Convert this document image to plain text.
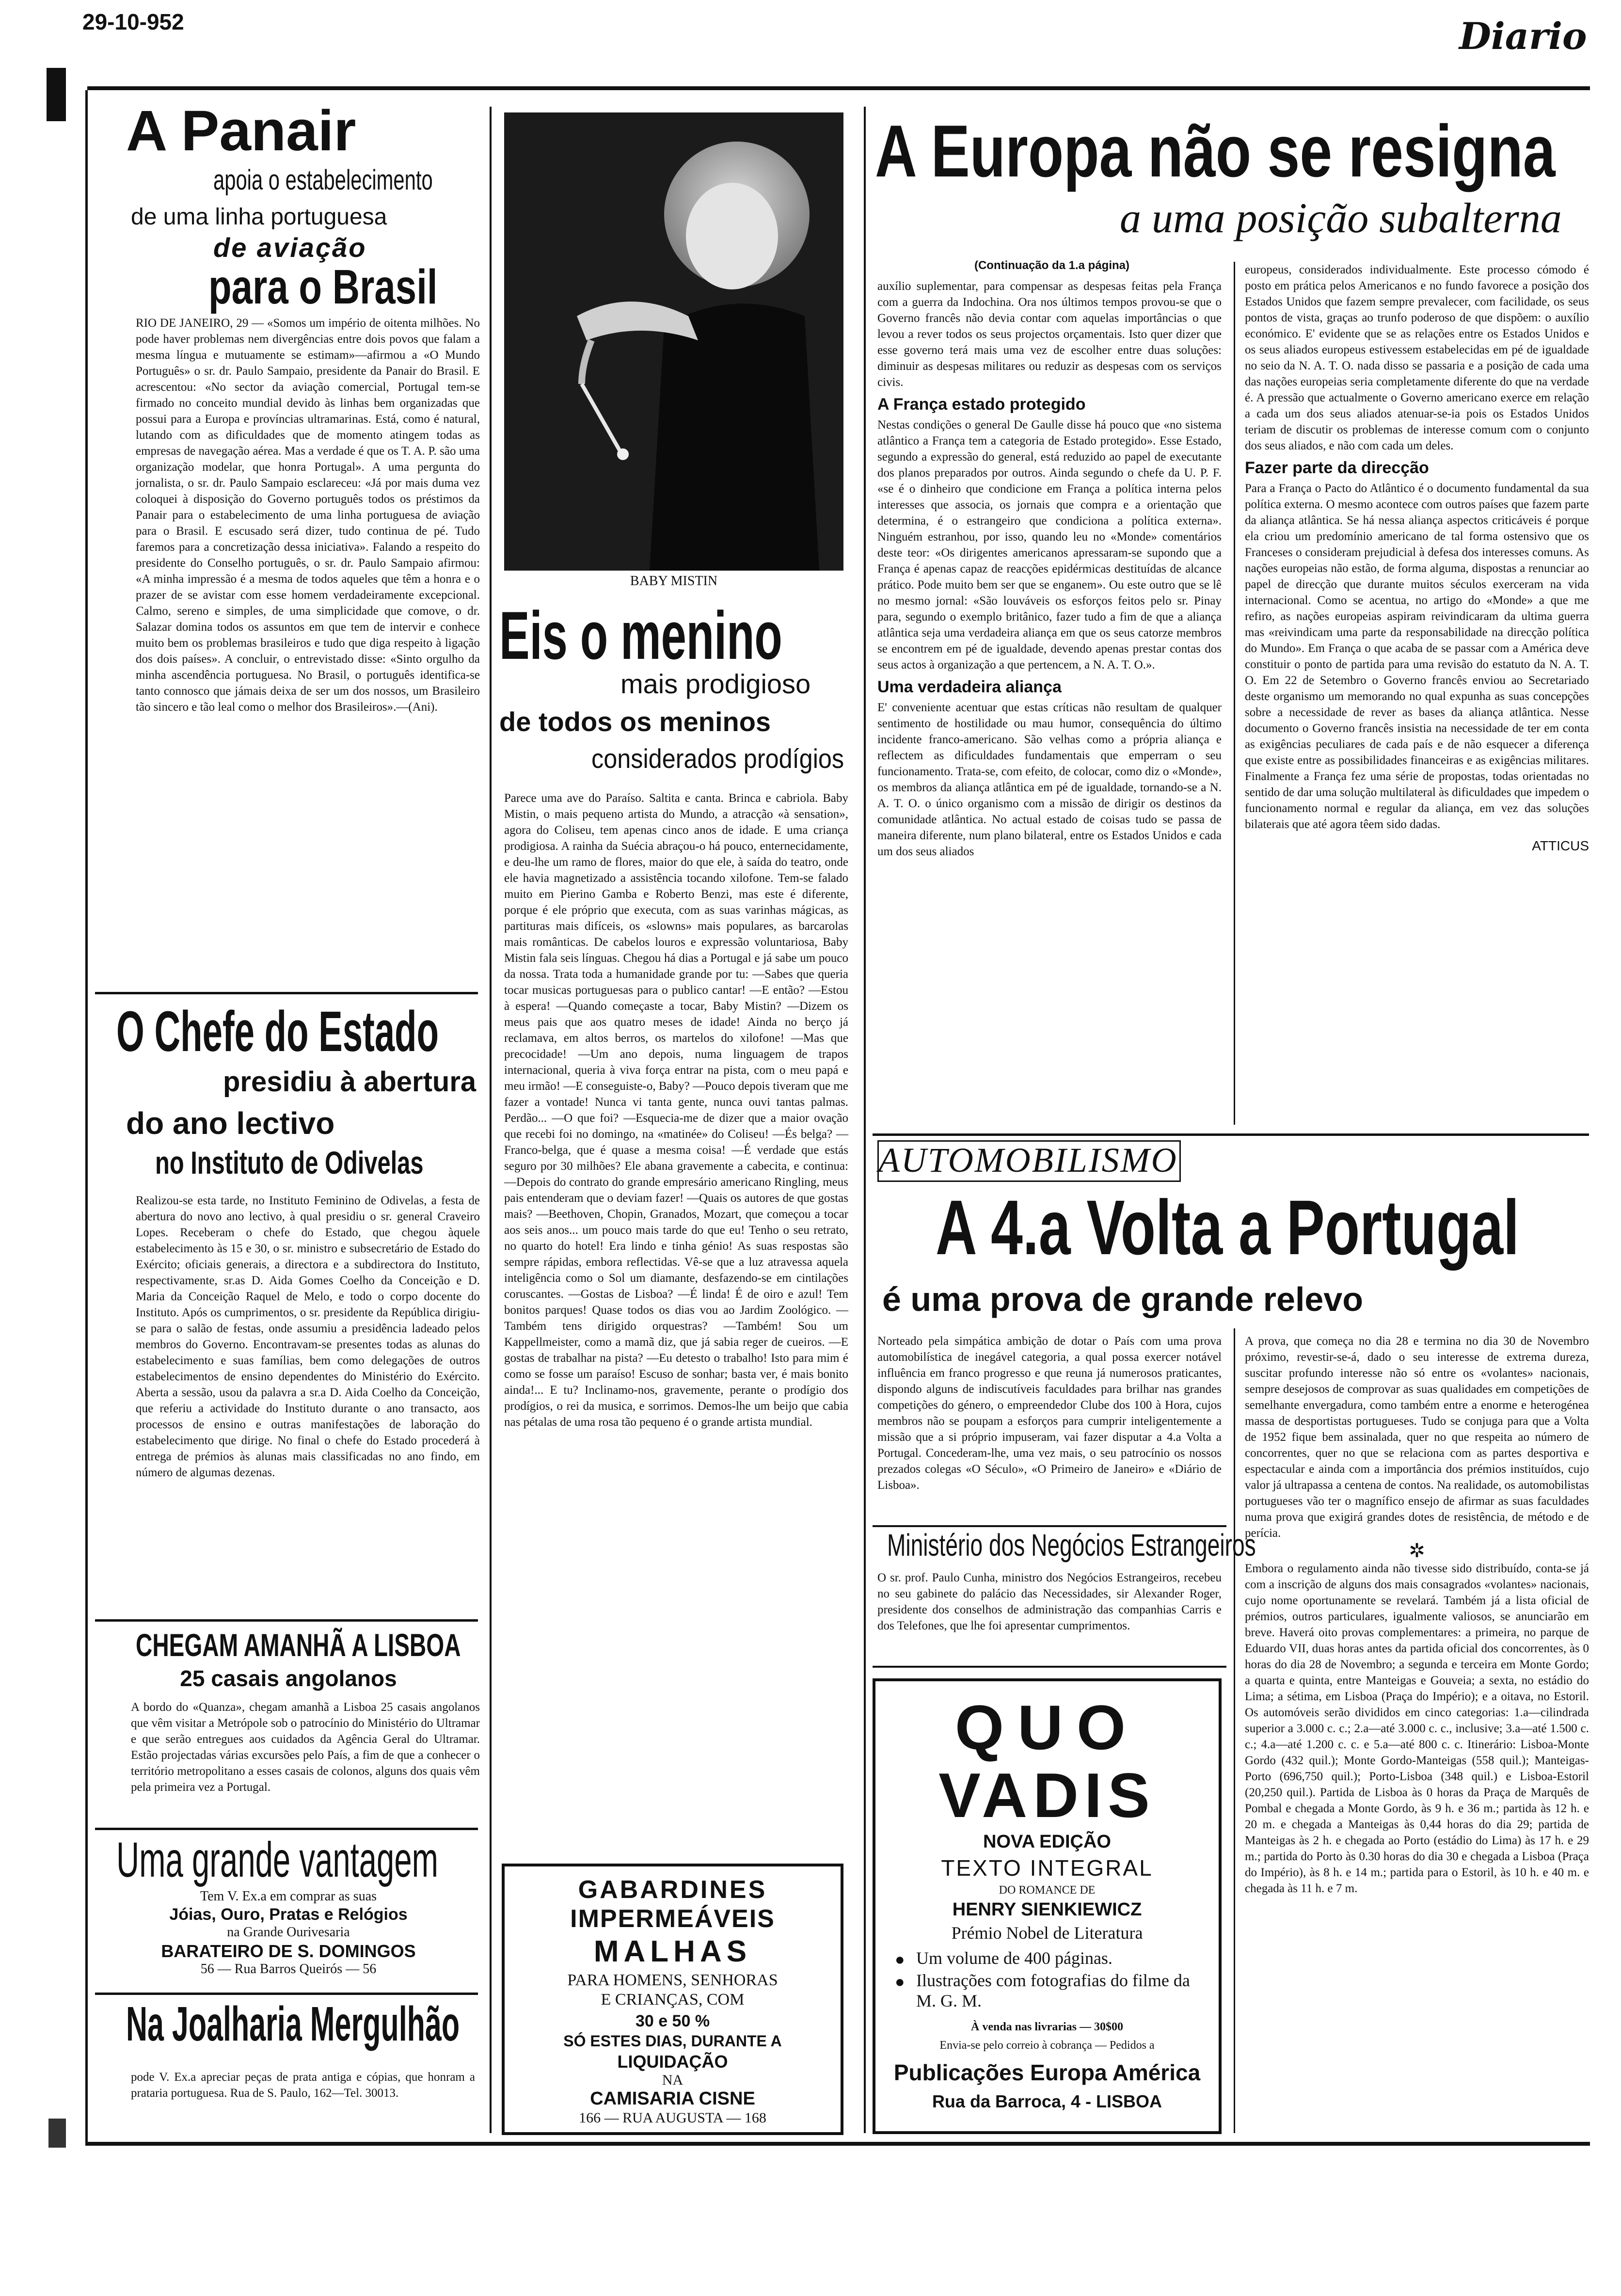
29-10-952	Diario
A Panair
apoia o estabelecimento
de uma linha portuguesa
de aviação
para o Brasil
RIO DE JANEIRO, 29 — «Somos um império de oitenta milhões. No pode haver problemas nem divergências entre dois povos que falam a mesma língua e mutuamente se estimam»—afirmou a «O Mundo Português» o sr. dr. Paulo Sampaio, presidente da Panair do Brasil. E acrescentou: «No sector da aviação comercial, Portugal tem-se firmado no conceito mundial devido às linhas bem organizadas que possui para a Europa e províncias ultramarinas. Está, como é natural, lutando com as dificuldades que de momento atingem todas as empresas de navegação aérea. Mas a verdade é que os T. A. P. são uma organização modelar, que honra Portugal». A uma pergunta do jornalista, o sr. dr. Paulo Sampaio esclareceu: «Já por mais duma vez coloquei à disposição do Governo português todos os préstimos da Panair para o estabelecimento de uma linha portuguesa de aviação para o Brasil. E escusado será dizer, tudo continua de pé. Tudo faremos para a concretização dessa iniciativa». Falando a respeito do presidente do Conselho português, o sr. dr. Paulo Sampaio afirmou: «A minha impressão é a mesma de todos aqueles que têm a honra e o prazer de se avistar com esse homem verdadeiramente excepcional. Calmo, sereno e simples, de uma simplicidade que comove, o dr. Salazar domina todos os assuntos em que tem de intervir e conhece muito bem os problemas brasileiros e tudo que diga respeito à ligação dos dois países». A concluir, o entrevistado disse: «Sinto orgulho da minha ascendência portuguesa. No Brasil, o português identifica-se tanto connosco que jámais deixa de ser um dos nossos, um Brasileiro tão sincero e tão leal como o melhor dos Brasileiros».—(Ani).
O Chefe do Estado
presidiu à abertura
do ano lectivo
no Instituto de Odivelas
Realizou-se esta tarde, no Instituto Feminino de Odivelas, a festa de abertura do novo ano lectivo, à qual presidiu o sr. general Craveiro Lopes. Receberam o chefe do Estado, que chegou àquele estabelecimento às 15 e 30, o sr. ministro e subsecretário de Estado do Exército; oficiais generais, a directora e a subdirectora do Instituto, respectivamente, sr.as D. Aida Gomes Coelho da Conceição e D. Maria da Conceição Raquel de Melo, e todo o corpo docente do Instituto. Após os cumprimentos, o sr. presidente da República dirigiu-se para o salão de festas, onde assumiu a presidência ladeado pelos membros do Governo. Encontravam-se presentes todas as alunas do estabelecimento e suas famílias, bem como delegações de outros estabelecimentos de ensino dependentes do Ministério do Exército. Aberta a sessão, usou da palavra a sr.a D. Aida Coelho da Conceição, que referiu a actividade do Instituto durante o ano transacto, aos processos de ensino e outras manifestações de laboração do estabelecimento que dirige. No final o chefe do Estado procederá à entrega de prémios às alunas mais classificadas no ano findo, em número de algumas dezenas.
CHEGAM AMANHÃ A LISBOA
25 casais angolanos
A bordo do «Quanza», chegam amanhã a Lisboa 25 casais angolanos que vêm visitar a Metrópole sob o patrocínio do Ministério do Ultramar e que serão entregues aos cuidados da Agência Geral do Ultramar. Estão projectadas várias excursões pelo País, a fim de que a conhecer o território metropolitano a esses casais de colonos, alguns dos quais vêm pela primeira vez a Portugal.
Uma grande vantagem
Tem V. Ex.a em comprar as suas
Jóias, Ouro, Pratas e Relógios
na Grande Ourivesaria
BARATEIRO DE S. DOMINGOS
56 — Rua Barros Queirós — 56
Na Joalharia Mergulhão
pode V. Ex.a apreciar peças de prata antiga e cópias, que honram a prataria portuguesa. Rua de S. Paulo, 162—Tel. 30013.
BABY MISTIN
Eis o menino
mais prodigioso
de todos os meninos
considerados prodígios
Parece uma ave do Paraíso. Saltita e canta. Brinca e cabriola. Baby Mistin, o mais pequeno artista do Mundo, a atracção «à sensation», agora do Coliseu, tem apenas cinco anos de idade. E uma criança prodigiosa. A rainha da Suécia abraçou-o há pouco, enternecidamente, e deu-lhe um ramo de flores, maior do que ele, à saída do teatro, onde ele havia magnetizado a assistência tocando xilofone. Tem-se falado muito em Pierino Gamba e Roberto Benzi, mas este é diferente, porque é ele próprio que executa, com as suas varinhas mágicas, as partituras mais difíceis, os «slowns» mais populares, as barcarolas mais românticas. De cabelos louros e expressão voluntariosa, Baby Mistin fala seis línguas. Chegou há dias a Portugal e já sabe um pouco da nossa. Trata toda a humanidade grande por tu: —Sabes que queria tocar musicas portuguesas para o publico cantar! —E então? —Estou à espera! —Quando começaste a tocar, Baby Mistin? —Dizem os meus pais que aos quatro meses de idade! Ainda no berço já reclamava, em altos berros, os martelos do xilofone! —Mas que precocidade! —Um ano depois, numa linguagem de trapos internacional, queria à viva força entrar na pista, com o meu papá e meu irmão! —E conseguiste-o, Baby? —Pouco depois tiveram que me fazer a vontade! Nunca vi tanta gente, nunca ouvi tantas palmas. Perdão... —O que foi? —Esquecia-me de dizer que a maior ovação que recebi foi no domingo, na «matinée» do Coliseu! —És belga? —Franco-belga, que é quase a mesma coisa! —É verdade que estás seguro por 30 milhões? Ele abana gravemente a cabecita, e continua: —Depois do contrato do grande empresário americano Ringling, meus pais entenderam que o deviam fazer! —Quais os autores de que gostas mais? —Beethoven, Chopin, Granados, Mozart, que começou a tocar aos seis anos... um pouco mais tarde do que eu! Tenho o seu retrato, no quarto do hotel! Era lindo e tinha génio! As suas respostas são sempre rápidas, embora reflectidas. Vê-se que a luz atravessa aquela inteligência como o Sol um diamante, desfazendo-se em cintilações coruscantes. —Gostas de Lisboa? —É linda! É de oiro e azul! Tem bonitos parques! Quase todos os dias vou ao Jardim Zoológico. —Também tens dirigido orquestras? —Também! Sou um Kappellmeister, como a mamã diz, que já sabia reger de cueiros. —E gostas de trabalhar na pista? —Eu detesto o trabalho! Isto para mim é como se fosse um paraíso! Escuso de sonhar; basta ver, é mais bonito ainda!... E tu? Inclinamo-nos, gravemente, perante o prodígio dos prodígios, o rei da musica, e sorrimos. Demos-lhe um beijo que cabia nas pétalas de uma rosa tão pequeno é o grande artista mundial.
GABARDINES
IMPERMEÁVEIS
MALHAS
PARA HOMENS, SENHORAS
E CRIANÇAS, COM
30 e 50 %
SÓ ESTES DIAS, DURANTE A
LIQUIDAÇÃO
NA
CAMISARIA CISNE
166 — RUA AUGUSTA — 168
A Europa não se resigna
a uma posição subalterna
(Continuação da 1.a página)
auxílio suplementar, para compensar as despesas feitas pela França com a guerra da Indochina. Ora nos últimos tempos provou-se que o Governo francês não devia contar com aquelas importâncias o que levou a rever todos os seus projectos orçamentais. Isto quer dizer que esse governo terá mais uma vez de escolher entre duas soluções: diminuir as despesas militares ou reduzir as despesas com os serviços civis.
A França estado protegido
Nestas condições o general De Gaulle disse há pouco que «no sistema atlântico a França tem a categoria de Estado protegido». Esse Estado, segundo a expressão do general, está reduzido ao papel de executante dos planos preparados por outros. Ainda segundo o chefe da U. P. F. «se é o dinheiro que condicione em França a política interna pelos interesses que associa, os jornais que compra e a orientação que determina, é o estrangeiro que condiciona a política externa». Ninguém estranhou, por isso, quando leu no «Monde» comentários deste teor: «Os dirigentes americanos apressaram-se supondo que a França é apenas capaz de reacções epidérmicas destituídas de alcance prático. Pode muito bem ser que se enganem». Ou este outro que se lê no mesmo jornal: «São louváveis os esforços feitos pelo sr. Pinay para, segundo o exemplo britânico, fazer tudo a fim de que a aliança atlântica seja uma verdadeira aliança em que os seus catorze membros se encontrem em pé de igualdade, devendo apenas prestar contas dos seus actos à organização a que pertencem, a N. A. T. O.».
Uma verdadeira aliança
E' conveniente acentuar que estas críticas não resultam de qualquer sentimento de hostilidade ou mau humor, consequência do último incidente franco-americano. São velhas como a própria aliança e reflectem as dificuldades fundamentais que emperram o seu funcionamento. Trata-se, com efeito, de colocar, como diz o «Monde», os membros da aliança atlântica em pé de igualdade, tornando-se a N. A. T. O. o único organismo com a missão de dirigir os destinos da comunidade atlântica. No actual estado de coisas tudo se passa de maneira diferente, num plano bilateral, entre os Estados Unidos e cada um dos seus aliados
europeus, considerados individualmente. Este processo cómodo é posto em prática pelos Americanos e no fundo favorece a posição dos Estados Unidos que fazem sempre prevalecer, com facilidade, os seus pontos de vista, graças ao trunfo poderoso de que dispõem: o auxílio económico. E' evidente que se as relações entre os Estados Unidos e os seus aliados europeus estivessem estabelecidas em pé de igualdade no seio da N. A. T. O. nada disso se passaria e a posição de cada uma das nações europeias seria completamente diferente do que na verdade é. A pressão que actualmente o Governo americano exerce em relação a cada um dos seus aliados atenuar-se-ia pois os Estados Unidos teriam de discutir os problemas de interesse comum com o conjunto dos seus aliados, e não com cada um deles.
Fazer parte da direcção
Para a França o Pacto do Atlântico é o documento fundamental da sua política externa. O mesmo acontece com outros países que fazem parte da aliança atlântica. Se há nessa aliança aspectos criticáveis é porque ela criou um predomínio americano de tal forma ostensivo que os Franceses o consideram prejudicial à defesa dos interesses comuns. As nações europeias não estão, de forma alguma, dispostas a renunciar ao papel de direcção que durante muitos séculos exerceram na vida internacional. Como se acentua, no artigo do «Monde» a que me refiro, as nações europeias aspiram reivindicaram da ultima guerra mas «reivindicam uma parte da responsabilidade na direcção política do Mundo». Em França o que acaba de se passar com a América deve constituir o ponto de partida para uma revisão do estatuto da N. A. T. O. Em 22 de Setembro o Governo francês enviou ao Secretariado deste organismo um memorando no qual expunha as suas concepções sobre a necessidade de rever as bases da aliança atlântica. Nesse documento o Governo francês insistia na necessidade de ter em conta as exigências peculiares de cada país e de não esquecer a diferença que existe entre as possibilidades financeiras e as exigências militares. Finalmente a França fez uma série de propostas, todas orientadas no sentido de dar uma solução multilateral às dificuldades que impedem o funcionamento normal e regular da aliança, em vez das soluções bilaterais que até agora têem sido dadas.
ATTICUS
AUTOMOBILISMO
A 4.a Volta a Portugal
é uma prova de grande relevo
Norteado pela simpática ambição de dotar o País com uma prova automobilística de inegável categoria, a qual possa exercer notável influência em franco progresso e que reuna já numerosos praticantes, dispondo alguns de indiscutíveis faculdades para brilhar nas grandes competições do género, o empreendedor Clube dos 100 à Hora, cujos membros não se poupam a esforços para cumprir inteligentemente a missão que a si próprio impuseram, vai fazer disputar a 4.a Volta a Portugal. Concederam-lhe, uma vez mais, o seu patrocínio os nossos prezados colegas «O Século», «O Primeiro de Janeiro» e «Diário de Lisboa».
A prova, que começa no dia 28 e termina no dia 30 de Novembro próximo, revestir-se-á, dado o seu interesse de extrema dureza, suscitar profundo interesse não só entre os «volantes» nacionais, sempre desejosos de comprovar as suas qualidades em competições de semelhante envergadura, como também entre a enorme e heterogénea massa de desportistas portugueses. Tudo se conjuga para que a Volta de 1952 fique bem assinalada, quer no que respeita ao número de concorrentes, quer no que se relaciona com as partes desportiva e espectacular e ainda com a importância dos prémios instituídos, cujo valor já ultrapassa a centena de contos. Na realidade, os automobilistas portugueses vão ter o magnífico ensejo de afirmar as suas faculdades numa prova que exigirá grandes dotes de resistência, de método e de perícia.
✲
Embora o regulamento ainda não tivesse sido distribuído, conta-se já com a inscrição de alguns dos mais consagrados «volantes» nacionais, cujo nome oportunamente se revelará. Também já a lista oficial de prémios, outros particulares, igualmente valiosos, se anunciarão em breve. Haverá oito provas complementares: a primeira, no parque de Eduardo VII, duas horas antes da partida oficial dos concorrentes, às 0 horas do dia 28 de Novembro; a segunda e terceira em Monte Gordo; a quarta e quinta, entre Manteigas e Gouveia; a sexta, no estádio do Lima; a sétima, em Lisboa (Praça do Império); e a oitava, no Estoril. Os automóveis serão divididos em cinco categorias: 1.a—cilindrada superior a 3.000 c. c.; 2.a—até 3.000 c. c., inclusive; 3.a—até 1.500 c. c.; 4.a—até 1.200 c. c. e 5.a—até 800 c. c. Itinerário: Lisboa-Monte Gordo (432 quil.); Monte Gordo-Manteigas (558 quil.); Manteigas-Porto (696,750 quil.); Porto-Lisboa (348 quil.) e Lisboa-Estoril (20,250 quil.). Partida de Lisboa às 0 horas da Praça de Marquês de Pombal e chegada a Monte Gordo, às 9 h. e 36 m.; partida às 12 h. e 20 m. e chegada a Manteigas às 0,44 horas do dia 29; partida de Manteigas às 2 h. e chegada ao Porto (estádio do Lima) às 17 h. e 29 m.; partida do Porto às 0.30 horas do dia 30 e chegada a Lisboa (Praça do Império), às 8 h. e 14 m.; partida para o Estoril, às 10 h. e 40 m. e chegada às 11 h. e 7 m.
Ministério dos Negócios Estrangeiros
O sr. prof. Paulo Cunha, ministro dos Negócios Estrangeiros, recebeu no seu gabinete do palácio das Necessidades, sir Alexander Roger, presidente dos conselhos de administração das companhias Carris e dos Telefones, que lhe foi apresentar cumprimentos.
QUO
VADIS
NOVA EDIÇÃO
TEXTO INTEGRAL
DO ROMANCE DE
HENRY SIENKIEWICZ
Prémio Nobel de Literatura
● Um volume de 400 páginas.
● Ilustrações com fotografias do filme da M. G. M.
À venda nas livrarias — 30$00
Envia-se pelo correio à cobrança — Pedidos a
Publicações Europa América
Rua da Barroca, 4 - LISBOA
